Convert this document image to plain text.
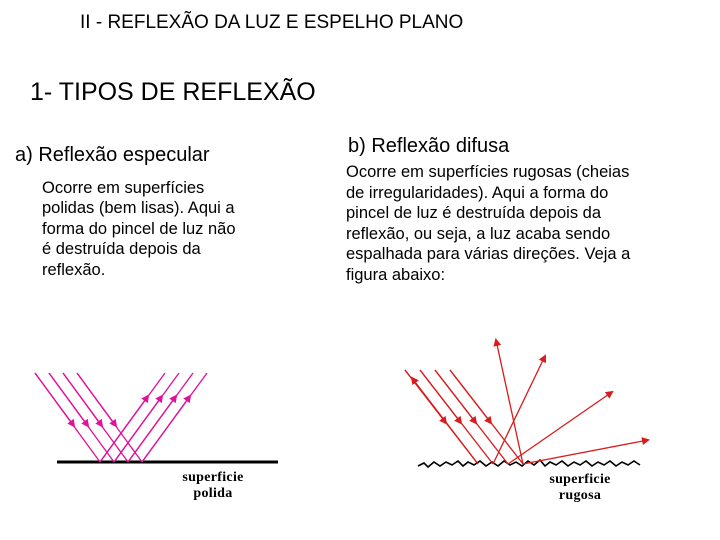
II - REFLEXÃO DA LUZ E ESPELHO PLANO
1- TIPOS DE REFLEXÃO
a) Reflexão especular
Ocorre em superfícies
polidas (bem lisas). Aqui a
forma do pincel de luz não
é destruída depois da
reflexão.
b) Reflexão difusa
Ocorre em superfícies rugosas (cheias
de irregularidades). Aqui a forma do
pincel de luz é destruída depois da
reflexão, ou seja, a luz acaba sendo
espalhada para várias direções. Veja a
figura abaixo:
superficie
polida
superficie
rugosa
